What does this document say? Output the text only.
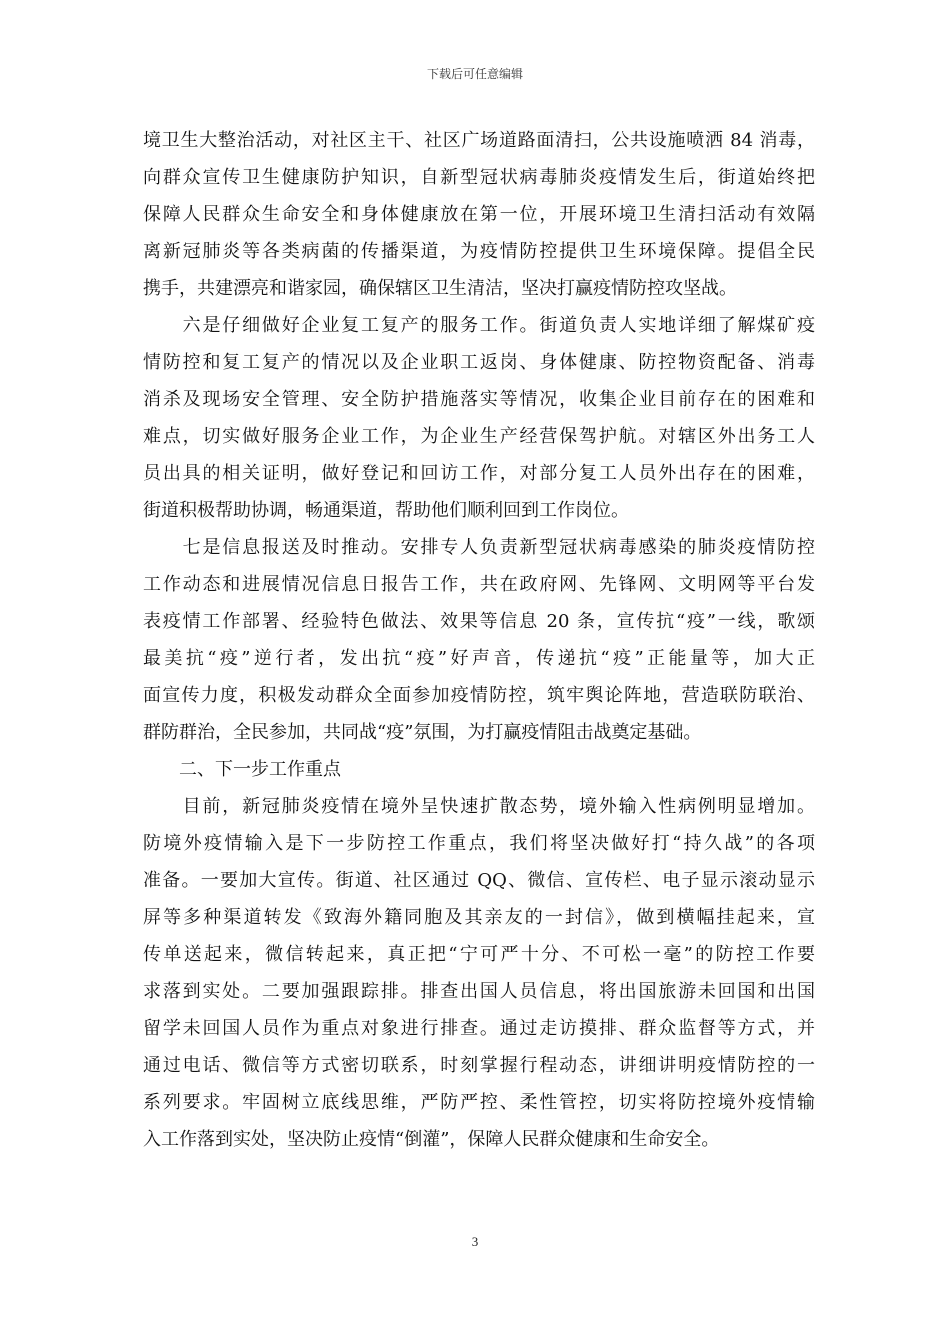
下载后可任意编辑
境卫生大整治活动，对社区主干、社区广场道路面清扫，公共设施喷洒 84 消毒，
向群众宣传卫生健康防护知识，自新型冠状病毒肺炎疫情发生后，街道始终把
保障人民群众生命安全和身体健康放在第一位，开展环境卫生清扫活动有效隔
离新冠肺炎等各类病菌的传播渠道，为疫情防控提供卫生环境保障。提倡全民
携手，共建漂亮和谐家园，确保辖区卫生清洁，坚决打赢疫情防控攻坚战。
　　六是仔细做好企业复工复产的服务工作。街道负责人实地详细了解煤矿疫
情防控和复工复产的情况以及企业职工返岗、身体健康、防控物资配备、消毒
消杀及现场安全管理、安全防护措施落实等情况，收集企业目前存在的困难和
难点，切实做好服务企业工作，为企业生产经营保驾护航。对辖区外出务工人
员出具的相关证明，做好登记和回访工作，对部分复工人员外出存在的困难，
街道积极帮助协调，畅通渠道，帮助他们顺利回到工作岗位。
　　七是信息报送及时推动。安排专人负责新型冠状病毒感染的肺炎疫情防控
工作动态和进展情况信息日报告工作，共在政府网、先锋网、文明网等平台发
表疫情工作部署、经验特色做法、效果等信息 20 条，宣传抗“疫”一线，歌颂
最美抗“疫”逆行者，发出抗“疫”好声音，传递抗“疫”正能量等，加大正
面宣传力度，积极发动群众全面参加疫情防控，筑牢舆论阵地，营造联防联治、
群防群治，全民参加，共同战“疫”氛围，为打赢疫情阻击战奠定基础。
　　二、下一步工作重点
　　目前，新冠肺炎疫情在境外呈快速扩散态势，境外输入性病例明显增加。
防境外疫情输入是下一步防控工作重点，我们将坚决做好打“持久战”的各项
准备。一要加大宣传。街道、社区通过 QQ、微信、宣传栏、电子显示滚动显示
屏等多种渠道转发《致海外籍同胞及其亲友的一封信》，做到横幅挂起来，宣
传单送起来，微信转起来，真正把“宁可严十分、不可松一毫”的防控工作要
求落到实处。二要加强跟踪排。排查出国人员信息，将出国旅游未回国和出国
留学未回国人员作为重点对象进行排查。通过走访摸排、群众监督等方式，并
通过电话、微信等方式密切联系，时刻掌握行程动态，讲细讲明疫情防控的一
系列要求。牢固树立底线思维，严防严控、柔性管控，切实将防控境外疫情输
入工作落到实处，坚决防止疫情“倒灌”，保障人民群众健康和生命安全。
3
